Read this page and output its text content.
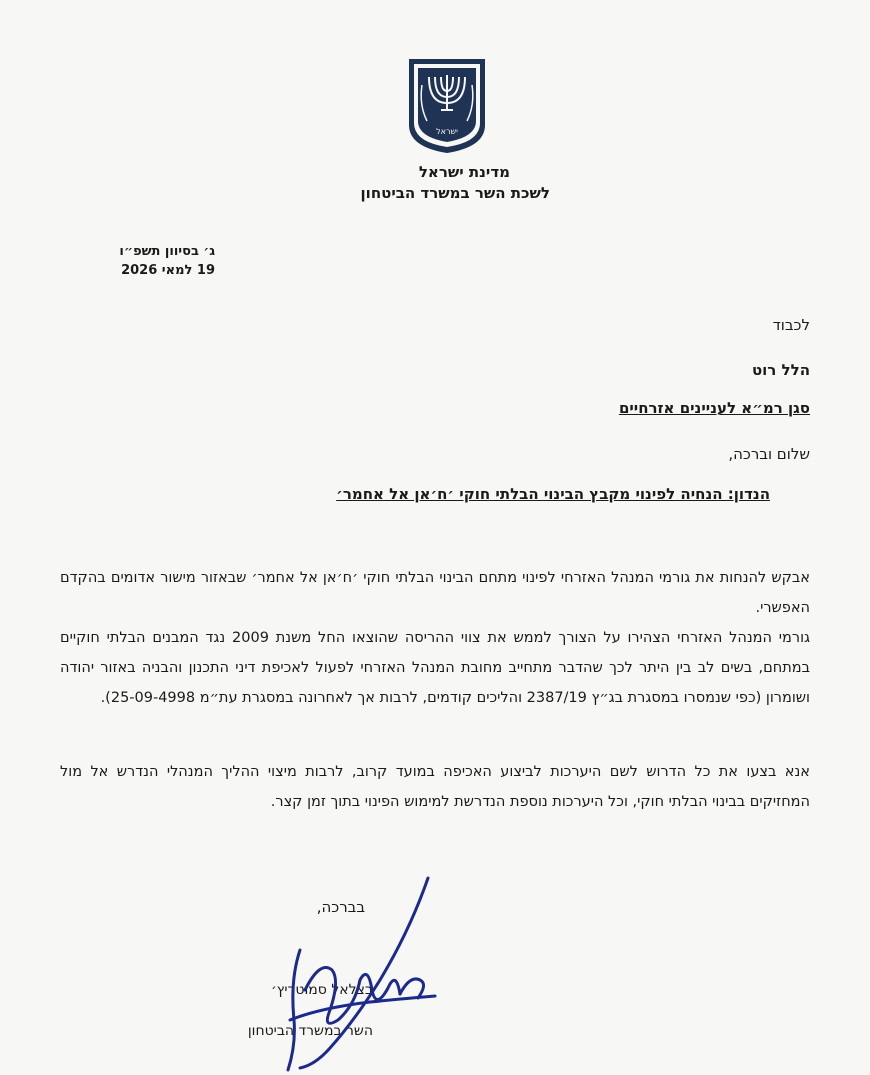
ישראל
מדינת ישראל
לשכת השר במשרד הביטחון
ג׳ בסיוון תשפ״ו
19 למאי 2026
לכבוד
הלל רוט
סגן רמ״א לעניינים אזרחיים
שלום וברכה,
הנדון: הנחיה לפינוי מקבץ הבינוי הבלתי חוקי ׳ח׳אן אל אחמר׳
אבקש להנחות את גורמי המנהל האזרחי לפינוי מתחם הבינוי הבלתי חוקי ׳ח׳אן אל אחמר׳ שבאזור מישור אדומים בהקדם האפשרי.
גורמי המנהל האזרחי הצהירו על הצורך לממש את צווי ההריסה שהוצאו החל משנת 2009 נגד המבנים הבלתי חוקיים במתחם, בשים לב בין היתר לכך שהדבר מתחייב מחובת המנהל האזרחי לפעול לאכיפת דיני התכנון והבניה באזור יהודה ושומרון (כפי שנמסרו במסגרת בג״ץ 2387/19 והליכים קודמים, לרבות אך לאחרונה במסגרת עת״מ 25-09-4998).
אנא בצעו את כל הדרוש לשם היערכות לביצוע האכיפה במועד קרוב, לרבות מיצוי ההליך המנהלי הנדרש אל מול המחזיקים בבינוי הבלתי חוקי, וכל היערכות נוספת הנדרשת למימוש הפינוי בתוך זמן קצר.
בברכה,
בצלאל סמוטריץ׳
השר במשרד הביטחון
